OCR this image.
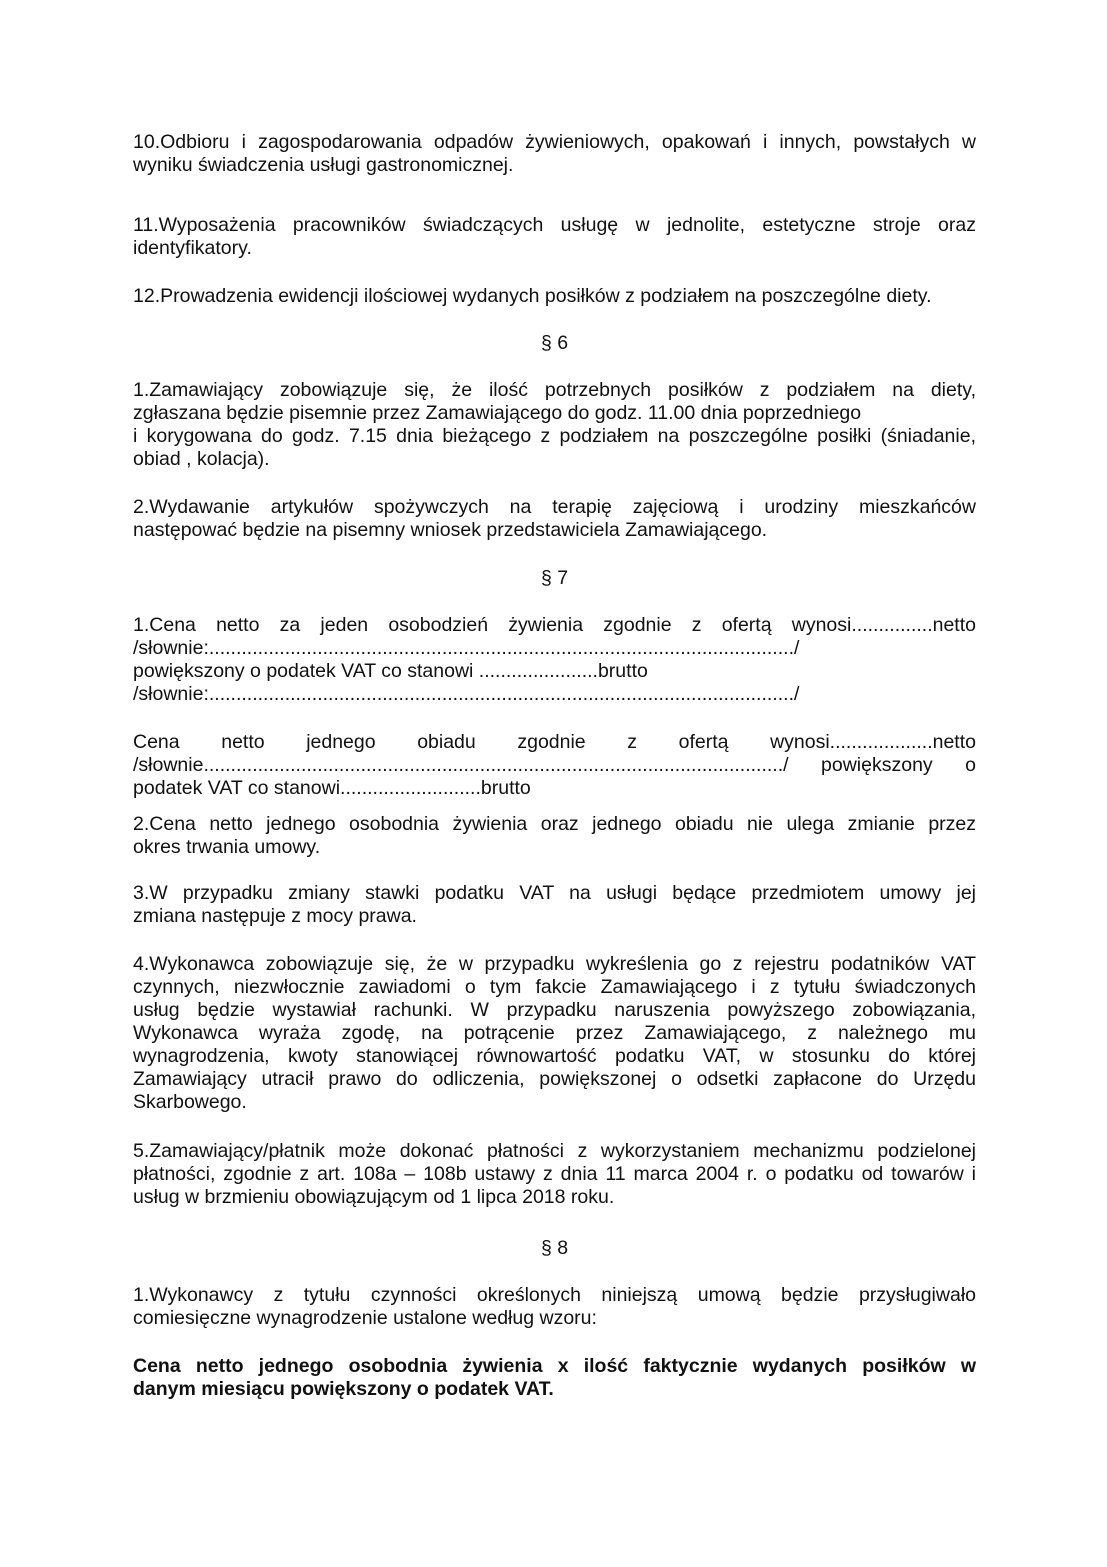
10.Odbioru i zagospodarowania odpadów żywieniowych, opakowań i innych, powstałych w
wyniku świadczenia usługi gastronomicznej.
11.Wyposażenia pracowników świadczących usługę w jednolite, estetyczne stroje oraz
identyfikatory.
12.Prowadzenia ewidencji ilościowej wydanych posiłków z podziałem na poszczególne diety.
§ 6
1.Zamawiający zobowiązuje się, że ilość potrzebnych posiłków z podziałem na diety,
zgłaszana będzie pisemnie przez Zamawiającego do godz. 11.00 dnia poprzedniego
i korygowana do godz. 7.15 dnia bieżącego z podziałem na poszczególne posiłki (śniadanie,
obiad , kolacja).
2.Wydawanie artykułów spożywczych na terapię zajęciową i urodziny mieszkańców
następować będzie na pisemny wniosek przedstawiciela Zamawiającego.
§ 7
1.Cena netto za jeden osobodzień żywienia zgodnie z ofertą wynosi...............netto
/słownie:............................................................................................................/
powiększony o podatek VAT co stanowi ......................brutto
/słownie:............................................................................................................/
Cena netto jednego obiadu zgodnie z ofertą wynosi...................netto
/słownie.........................................................................................................../ powiększony o
podatek VAT co stanowi..........................brutto
2.Cena netto jednego osobodnia żywienia oraz jednego obiadu nie ulega zmianie przez
okres trwania umowy.
3.W przypadku zmiany stawki podatku VAT na usługi będące przedmiotem umowy jej
zmiana następuje z mocy prawa.
4.Wykonawca zobowiązuje się, że w przypadku wykreślenia go z rejestru podatników VAT
czynnych, niezwłocznie zawiadomi o tym fakcie Zamawiającego i z tytułu świadczonych
usług będzie wystawiał rachunki. W przypadku naruszenia powyższego zobowiązania,
Wykonawca wyraża zgodę, na potrącenie przez Zamawiającego, z należnego mu
wynagrodzenia, kwoty stanowiącej równowartość podatku VAT, w stosunku do której
Zamawiający utracił prawo do odliczenia, powiększonej o odsetki zapłacone do Urzędu
Skarbowego.
5.Zamawiający/płatnik może dokonać płatności z wykorzystaniem mechanizmu podzielonej
płatności, zgodnie z art. 108a – 108b ustawy z dnia 11 marca 2004 r. o podatku od towarów i
usług w brzmieniu obowiązującym od 1 lipca 2018 roku.
§ 8
1.Wykonawcy z tytułu czynności określonych niniejszą umową będzie przysługiwało
comiesięczne wynagrodzenie ustalone według wzoru:
Cena netto jednego osobodnia żywienia x ilość faktycznie wydanych posiłków w
danym miesiącu powiększony o podatek VAT.
